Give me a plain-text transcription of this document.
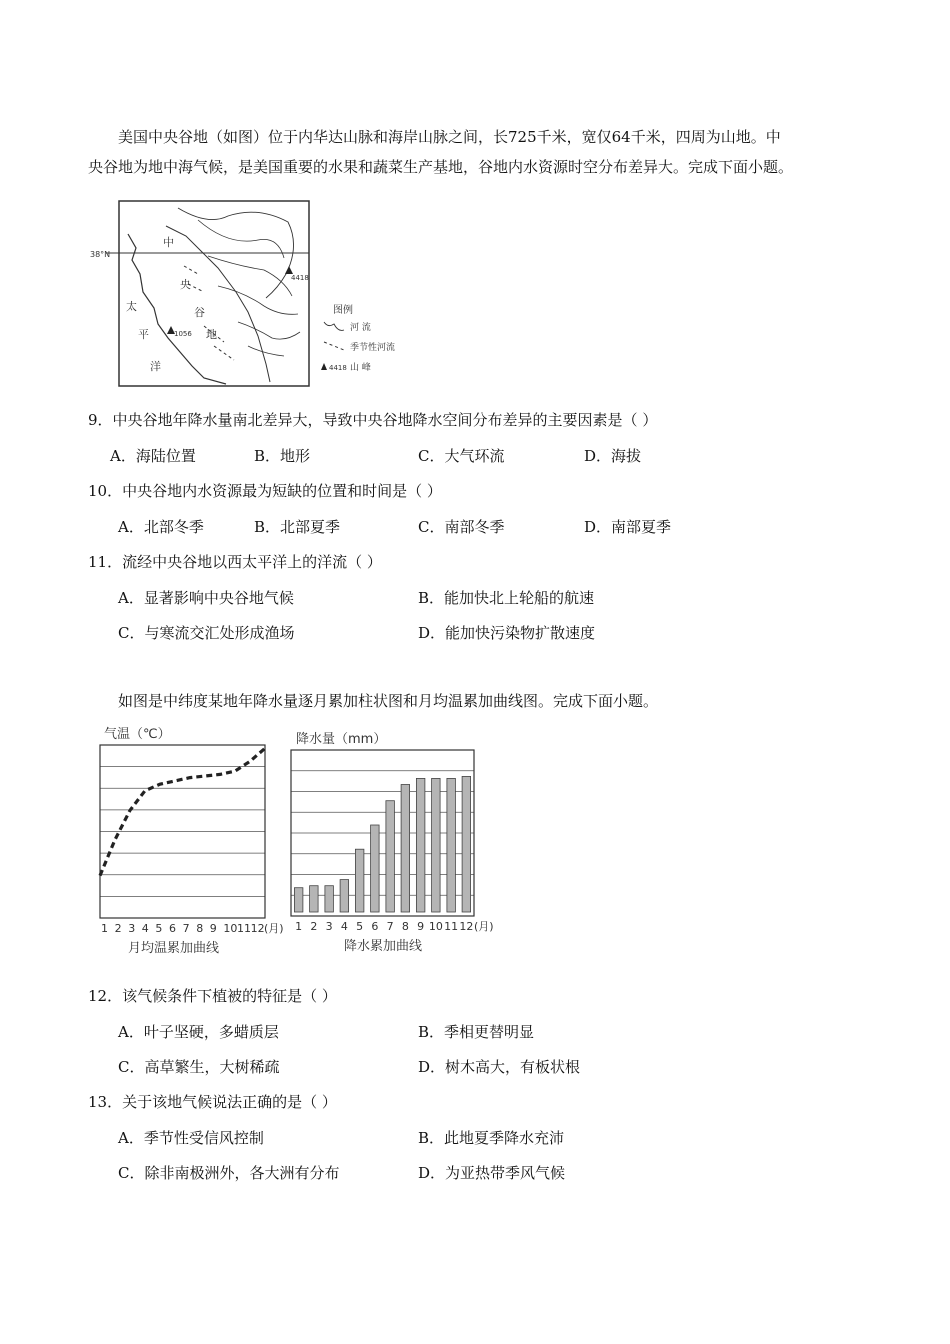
美国中央谷地（如图）位于内华达山脉和海岸山脉之间，长725千米，宽仅64千米，四周为山地。中
央谷地为地中海气候，是美国重要的水果和蔬菜生产基地，谷地内水资源时空分布差异大。完成下面小题。
38°N
中
央
谷
地
太
平
洋
4418
1056
图例
河 流
季节性河流
4418 山 峰
9．中央谷地年降水量南北差异大，导致中央谷地降水空间分布差异的主要因素是（ ）
A．海陆位置	B．地形	C．大气环流	D．海拔
10．中央谷地内水资源最为短缺的位置和时间是（ ）
A．北部冬季	B．北部夏季	C．南部冬季	D．南部夏季
11．流经中央谷地以西太平洋上的洋流（ ）
A．显著影响中央谷地气候	B．能加快北上轮船的航速
C．与寒流交汇处形成渔场	D．能加快污染物扩散速度
如图是中纬度某地年降水量逐月累加柱状图和月均温累加曲线图。完成下面小题。
气温（℃）
1 2 3 4 5 6 7 8 9 10 11 12 (月)
月均温累加曲线
降水量（mm）
1 2 3 4 5 6 7 8 9 10 11 12 (月)
降水累加曲线
12．该气候条件下植被的特征是（ ）
A．叶子坚硬，多蜡质层	B．季相更替明显
C．高草繁生，大树稀疏	D．树木高大，有板状根
13．关于该地气候说法正确的是（ ）
A．季节性受信风控制	B．此地夏季降水充沛
C．除非南极洲外，各大洲有分布	D．为亚热带季风气候
